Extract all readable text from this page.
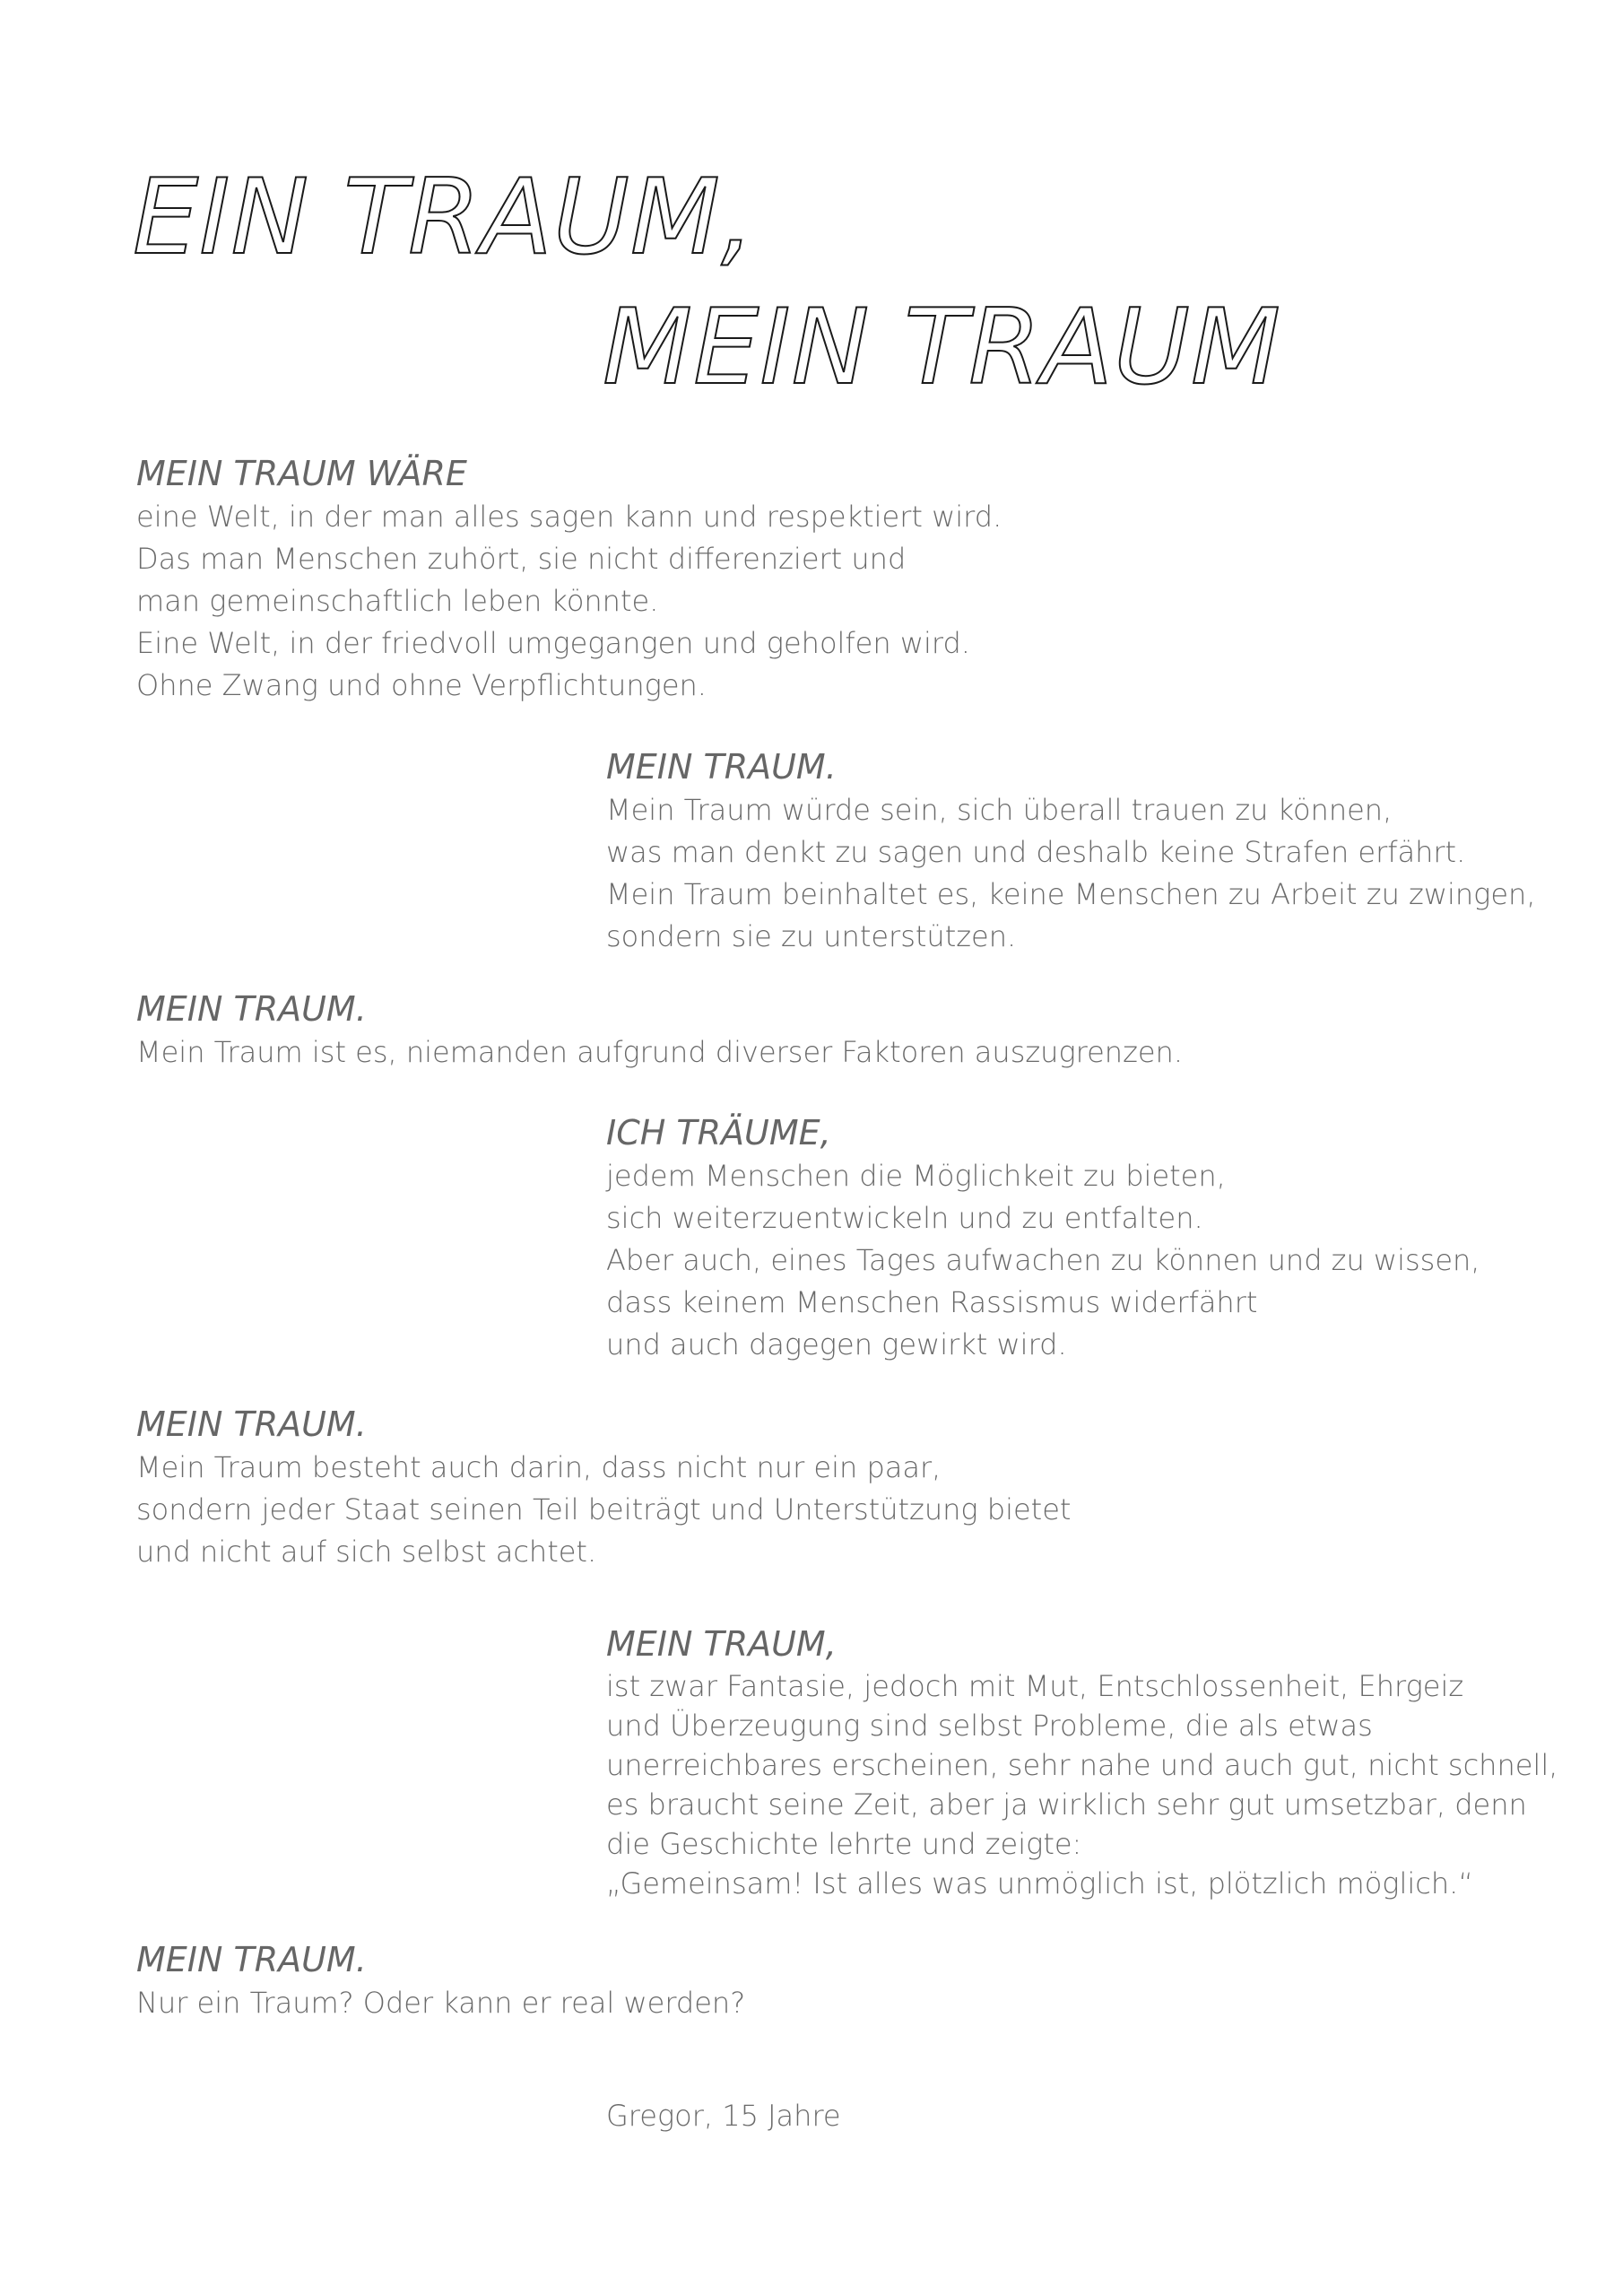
EIN TRAUM,
MEIN TRAUM
MEIN TRAUM WÄRE
eine Welt, in der man alles sagen kann und respektiert wird.
Das man Menschen zuhört, sie nicht differenziert und
man gemeinschaftlich leben könnte.
Eine Welt, in der friedvoll umgegangen und geholfen wird.
Ohne Zwang und ohne Verpflichtungen.
MEIN TRAUM.
Mein Traum würde sein, sich überall trauen zu können,
was man denkt zu sagen und deshalb keine Strafen erfährt.
Mein Traum beinhaltet es, keine Menschen zu Arbeit zu zwingen,
sondern sie zu unterstützen.
MEIN TRAUM.
Mein Traum ist es, niemanden aufgrund diverser Faktoren auszugrenzen.
ICH TRÄUME,
jedem Menschen die Möglichkeit zu bieten,
sich weiterzuentwickeln und zu entfalten.
Aber auch, eines Tages aufwachen zu können und zu wissen,
dass keinem Menschen Rassismus widerfährt
und auch dagegen gewirkt wird.
MEIN TRAUM.
Mein Traum besteht auch darin, dass nicht nur ein paar,
sondern jeder Staat seinen Teil beiträgt und Unterstützung bietet
und nicht auf sich selbst achtet.
MEIN TRAUM,
ist zwar Fantasie, jedoch mit Mut, Entschlossenheit, Ehrgeiz
und Überzeugung sind selbst Probleme, die als etwas
unerreichbares erscheinen, sehr nahe und auch gut, nicht schnell,
es braucht seine Zeit, aber ja wirklich sehr gut umsetzbar, denn
die Geschichte lehrte und zeigte:
„Gemeinsam! Ist alles was unmöglich ist, plötzlich möglich.“
MEIN TRAUM.
Nur ein Traum? Oder kann er real werden?
Gregor, 15 Jahre
